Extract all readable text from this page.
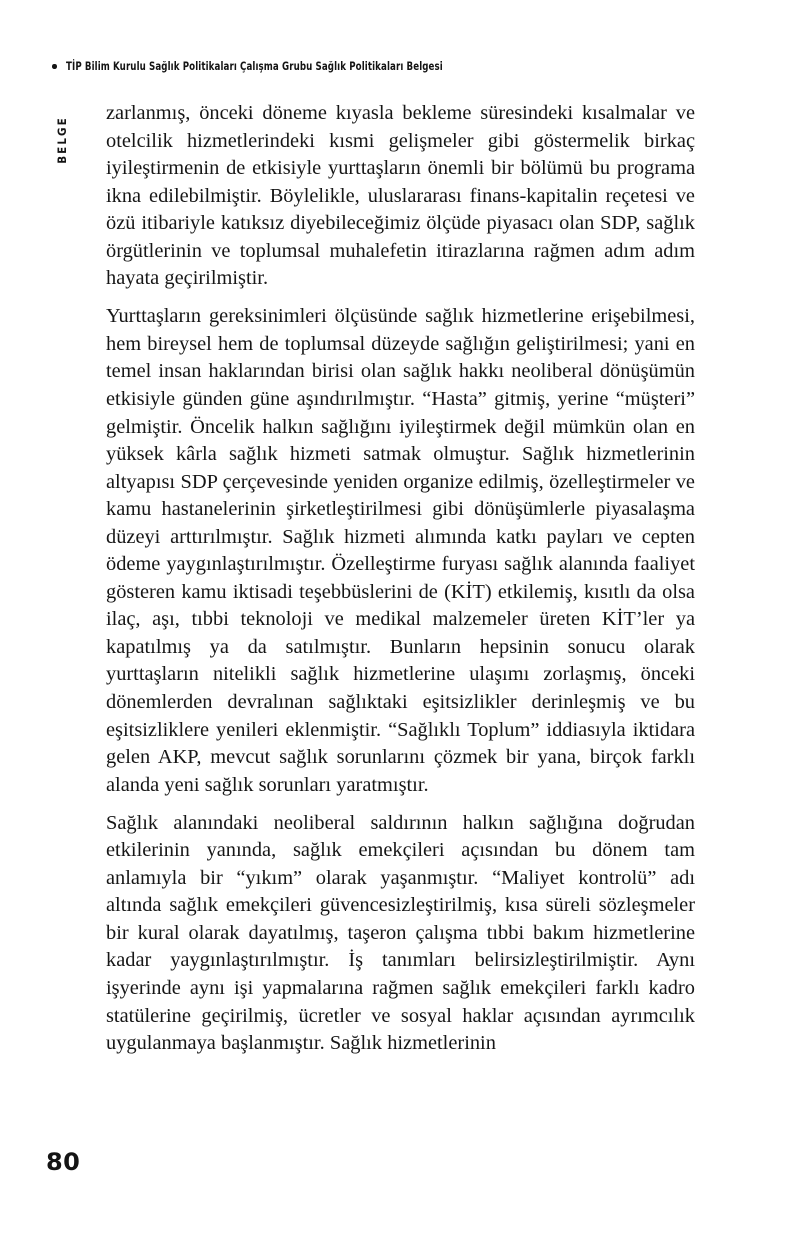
TİP Bilim Kurulu Sağlık Politikaları Çalışma Grubu Sağlık Politikaları Belgesi
BELGE

zarlanmış, önceki döneme kıyasla bekleme süresindeki kısalmalar ve otelcilik hizmetlerindeki kısmi gelişmeler gibi göstermelik birkaç iyileştirmenin de etkisiyle yurttaşların önemli bir bölümü bu programa ikna edilebilmiştir. Böylelikle, uluslararası finans-kapitalin reçetesi ve özü itibariyle katıksız diyebileceğimiz ölçüde piyasacı olan SDP, sağlık örgütlerinin ve toplumsal muhalefetin itirazlarına rağmen adım adım hayata geçirilmiştir.

Yurttaşların gereksinimleri ölçüsünde sağlık hizmetlerine erişebilmesi, hem bireysel hem de toplumsal düzeyde sağlığın geliştirilmesi; yani en temel insan haklarından birisi olan sağlık hakkı neoliberal dönüşümün etkisiyle günden güne aşındırılmıştır. “Hasta” gitmiş, yerine “müşteri” gelmiştir. Öncelik halkın sağlığını iyileştirmek değil mümkün olan en yüksek kârla sağlık hizmeti satmak olmuştur. Sağlık hizmetlerinin altyapısı SDP çerçevesinde yeniden organize edilmiş, özelleştirmeler ve kamu hastanelerinin şirketleştirilmesi gibi dönüşümlerle piyasalaşma düzeyi arttırılmıştır. Sağlık hizmeti alımında katkı payları ve cepten ödeme yaygınlaştırılmıştır. Özelleştirme furyası sağlık alanında faaliyet gösteren kamu iktisadi teşebbüslerini de (KİT) etkilemiş, kısıtlı da olsa ilaç, aşı, tıbbi teknoloji ve medikal malzemeler üreten KİT’ler ya kapatılmış ya da satılmıştır. Bunların hepsinin sonucu olarak yurttaşların nitelikli sağlık hizmetlerine ulaşımı zorlaşmış, önceki dönemlerden devralınan sağlıktaki eşitsizlikler derinleşmiş ve bu eşitsizliklere yenileri eklenmiştir. “Sağlıklı Toplum” iddiasıyla iktidara gelen AKP, mevcut sağlık sorunlarını çözmek bir yana, birçok farklı alanda yeni sağlık sorunları yaratmıştır.

Sağlık alanındaki neoliberal saldırının halkın sağlığına doğrudan etkilerinin yanında, sağlık emekçileri açısından bu dönem tam anlamıyla bir “yıkım” olarak yaşanmıştır. “Maliyet kontrolü” adı altında sağlık emekçileri güvencesizleştirilmiş, kısa süreli sözleşmeler bir kural olarak dayatılmış, taşeron çalışma tıbbi bakım hizmetlerine kadar yaygınlaştırılmıştır. İş tanımları belirsizleştirilmiştir. Aynı işyerinde aynı işi yapmalarına rağmen sağlık emekçileri farklı kadro statülerine geçirilmiş, ücretler ve sosyal haklar açısından ayrımcılık uygulanmaya başlanmıştır. Sağlık hizmetlerinin

80
